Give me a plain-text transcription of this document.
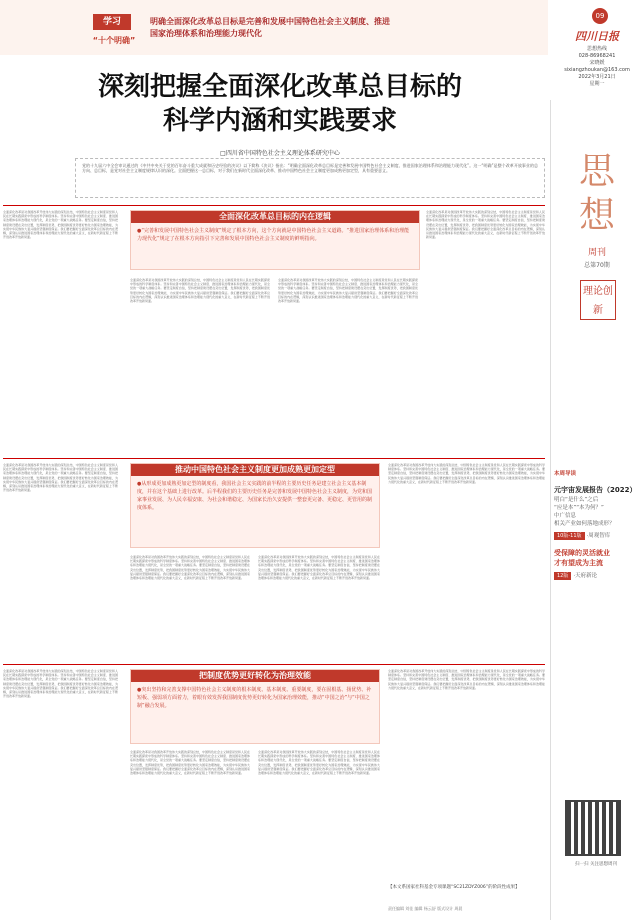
学习
“十个明确”
明确全面深化改革总目标是完善和发展中国特色社会主义制度、推进
国家治理体系和治理能力现代化
09
四川日报
思想热线
028-86968241
宋晓媛
sixiangzhoukan@163.com
2022年3月21日
星期一
深刻把握全面深化改革总目标的
科学内涵和实践要求
□四川省中国特色社会主义理论体系研究中心
党的十九届六中全会审议通过的《中共中央关于党的百年奋斗重大成就和历史经验的决议》以下简称《决议》指出：“明确全面深化改革总目标是完善和发展中国特色社会主义制度、推进国家治理体系和治理能力现代化”。这一“明确”是整个改革开放事业的总方向、总目标，是党对社会主义制度规律认识的深化。全面把握这一总目标，对于我们在新时代全面深化改革、推动中国特色社会主义制度更加成熟更加定型，具有重要意义。
全面深化改革是对我国改革开放伟大实践的深刻总结，中国特色社会主义制度是党和人民在长期实践探索中形成的科学制度体系。坚持和完善中国特色社会主义制度、推进国家治理体系和治理能力现代化，是全党的一项重大战略任务。要坚定制度自信，坚持把制度建设摆在突出位置，发挥制度优势，把我国制度优势更好转化为国家治理效能，为实现中华民族伟大复兴提供坚强制度保证。我们要把握好全面深化改革总目标的内在逻辑，深刻认识推进国家治理体系和治理能力现代化的重大意义，在新时代新征程上不断开创改革开放新局面。
全面深化改革总目标的内在逻辑
●“完善和发展中国特色社会主义制度”规定了根本方向，这个方向就是中国特色社会主义道路。“推进国家治理体系和治理能力现代化”规定了在根本方向指引下完善和发展中国特色社会主义制度的鲜明指向。
全面深化改革是对我国改革开放伟大实践的深刻总结，中国特色社会主义制度是党和人民在长期实践探索中形成的科学制度体系。坚持和完善中国特色社会主义制度、推进国家治理体系和治理能力现代化，是全党的一项重大战略任务。要坚定制度自信，坚持把制度建设摆在突出位置，发挥制度优势，把我国制度优势更好转化为国家治理效能，为实现中华民族伟大复兴提供坚强制度保证。我们要把握好全面深化改革总目标的内在逻辑，深刻认识推进国家治理体系和治理能力现代化的重大意义，在新时代新征程上不断开创改革开放新局面。
全面深化改革是对我国改革开放伟大实践的深刻总结，中国特色社会主义制度是党和人民在长期实践探索中形成的科学制度体系。坚持和完善中国特色社会主义制度、推进国家治理体系和治理能力现代化，是全党的一项重大战略任务。要坚定制度自信，坚持把制度建设摆在突出位置，发挥制度优势，把我国制度优势更好转化为国家治理效能，为实现中华民族伟大复兴提供坚强制度保证。我们要把握好全面深化改革总目标的内在逻辑，深刻认识推进国家治理体系和治理能力现代化的重大意义，在新时代新征程上不断开创改革开放新局面。
全面深化改革是对我国改革开放伟大实践的深刻总结，中国特色社会主义制度是党和人民在长期实践探索中形成的科学制度体系。坚持和完善中国特色社会主义制度、推进国家治理体系和治理能力现代化，是全党的一项重大战略任务。要坚定制度自信，坚持把制度建设摆在突出位置，发挥制度优势，把我国制度优势更好转化为国家治理效能，为实现中华民族伟大复兴提供坚强制度保证。我们要把握好全面深化改革总目标的内在逻辑，深刻认识推进国家治理体系和治理能力现代化的重大意义，在新时代新征程上不断开创改革开放新局面。
全面深化改革是对我国改革开放伟大实践的深刻总结，中国特色社会主义制度是党和人民在长期实践探索中形成的科学制度体系。坚持和完善中国特色社会主义制度、推进国家治理体系和治理能力现代化，是全党的一项重大战略任务。要坚定制度自信，坚持把制度建设摆在突出位置，发挥制度优势，把我国制度优势更好转化为国家治理效能，为实现中华民族伟大复兴提供坚强制度保证。我们要把握好全面深化改革总目标的内在逻辑，深刻认识推进国家治理体系和治理能力现代化的重大意义，在新时代新征程上不断开创改革开放新局面。
推动中国特色社会主义制度更加成熟更加定型
●从形成更加成熟更加定型的制度看，我国社会主义实践的前半程的主要历史任务是建立社会主义基本制度，并在这个基础上进行改革。后半程我们的主要历史任务是完善和发展中国特色社会主义制度，为党和国家事业发展、为人民幸福安康、为社会和谐稳定、为国家长治久安提供一整套更完备、更稳定、更管用的制度体系。
全面深化改革是对我国改革开放伟大实践的深刻总结，中国特色社会主义制度是党和人民在长期实践探索中形成的科学制度体系。坚持和完善中国特色社会主义制度、推进国家治理体系和治理能力现代化，是全党的一项重大战略任务。要坚定制度自信，坚持把制度建设摆在突出位置，发挥制度优势，把我国制度优势更好转化为国家治理效能，为实现中华民族伟大复兴提供坚强制度保证。我们要把握好全面深化改革总目标的内在逻辑，深刻认识推进国家治理体系和治理能力现代化的重大意义，在新时代新征程上不断开创改革开放新局面。
全面深化改革是对我国改革开放伟大实践的深刻总结，中国特色社会主义制度是党和人民在长期实践探索中形成的科学制度体系。坚持和完善中国特色社会主义制度、推进国家治理体系和治理能力现代化，是全党的一项重大战略任务。要坚定制度自信，坚持把制度建设摆在突出位置，发挥制度优势，把我国制度优势更好转化为国家治理效能，为实现中华民族伟大复兴提供坚强制度保证。我们要把握好全面深化改革总目标的内在逻辑，深刻认识推进国家治理体系和治理能力现代化的重大意义，在新时代新征程上不断开创改革开放新局面。
全面深化改革是对我国改革开放伟大实践的深刻总结，中国特色社会主义制度是党和人民在长期实践探索中形成的科学制度体系。坚持和完善中国特色社会主义制度、推进国家治理体系和治理能力现代化，是全党的一项重大战略任务。要坚定制度自信，坚持把制度建设摆在突出位置，发挥制度优势，把我国制度优势更好转化为国家治理效能，为实现中华民族伟大复兴提供坚强制度保证。我们要把握好全面深化改革总目标的内在逻辑，深刻认识推进国家治理体系和治理能力现代化的重大意义，在新时代新征程上不断开创改革开放新局面。
全面深化改革是对我国改革开放伟大实践的深刻总结，中国特色社会主义制度是党和人民在长期实践探索中形成的科学制度体系。坚持和完善中国特色社会主义制度、推进国家治理体系和治理能力现代化，是全党的一项重大战略任务。要坚定制度自信，坚持把制度建设摆在突出位置，发挥制度优势，把我国制度优势更好转化为国家治理效能，为实现中华民族伟大复兴提供坚强制度保证。我们要把握好全面深化改革总目标的内在逻辑，深刻认识推进国家治理体系和治理能力现代化的重大意义，在新时代新征程上不断开创改革开放新局面。
把制度优势更好转化为治理效能
●突出坚持和完善支撑中国特色社会主义制度的根本制度、基本制度、重要制度，要在固根基、扬优势、补短板、强弱项方面着力，着眼有效发挥我国制度优势更好转化为国家治理效能，推动“中国之治”与“中国之制”融合发展。
全面深化改革是对我国改革开放伟大实践的深刻总结，中国特色社会主义制度是党和人民在长期实践探索中形成的科学制度体系。坚持和完善中国特色社会主义制度、推进国家治理体系和治理能力现代化，是全党的一项重大战略任务。要坚定制度自信，坚持把制度建设摆在突出位置，发挥制度优势，把我国制度优势更好转化为国家治理效能，为实现中华民族伟大复兴提供坚强制度保证。我们要把握好全面深化改革总目标的内在逻辑，深刻认识推进国家治理体系和治理能力现代化的重大意义，在新时代新征程上不断开创改革开放新局面。
全面深化改革是对我国改革开放伟大实践的深刻总结，中国特色社会主义制度是党和人民在长期实践探索中形成的科学制度体系。坚持和完善中国特色社会主义制度、推进国家治理体系和治理能力现代化，是全党的一项重大战略任务。要坚定制度自信，坚持把制度建设摆在突出位置，发挥制度优势，把我国制度优势更好转化为国家治理效能，为实现中华民族伟大复兴提供坚强制度保证。我们要把握好全面深化改革总目标的内在逻辑，深刻认识推进国家治理体系和治理能力现代化的重大意义，在新时代新征程上不断开创改革开放新局面。
全面深化改革是对我国改革开放伟大实践的深刻总结，中国特色社会主义制度是党和人民在长期实践探索中形成的科学制度体系。坚持和完善中国特色社会主义制度、推进国家治理体系和治理能力现代化，是全党的一项重大战略任务。要坚定制度自信，坚持把制度建设摆在突出位置，发挥制度优势，把我国制度优势更好转化为国家治理效能，为实现中华民族伟大复兴提供坚强制度保证。我们要把握好全面深化改革总目标的内在逻辑，深刻认识推进国家治理体系和治理能力现代化的重大意义，在新时代新征程上不断开创改革开放新局面。
【本文系国家社科基金专项课题“SC21ZDYZ006”的阶段性成果】
责任编辑 刘佳 编辑 杨云舒 版式设计 周晨
思想
周刊
总第70期
理论创新
本周导读
元宇宙发展报告（2022）
明白“是什么”之后
“应是本”“本为何？”
中广信息
相关产业如何落地成形？
10版-11版 ·周观智库
受保障的灵活就业
才有望成为主流
12版 ·天府新论
扫一扫 关注思想周刊
